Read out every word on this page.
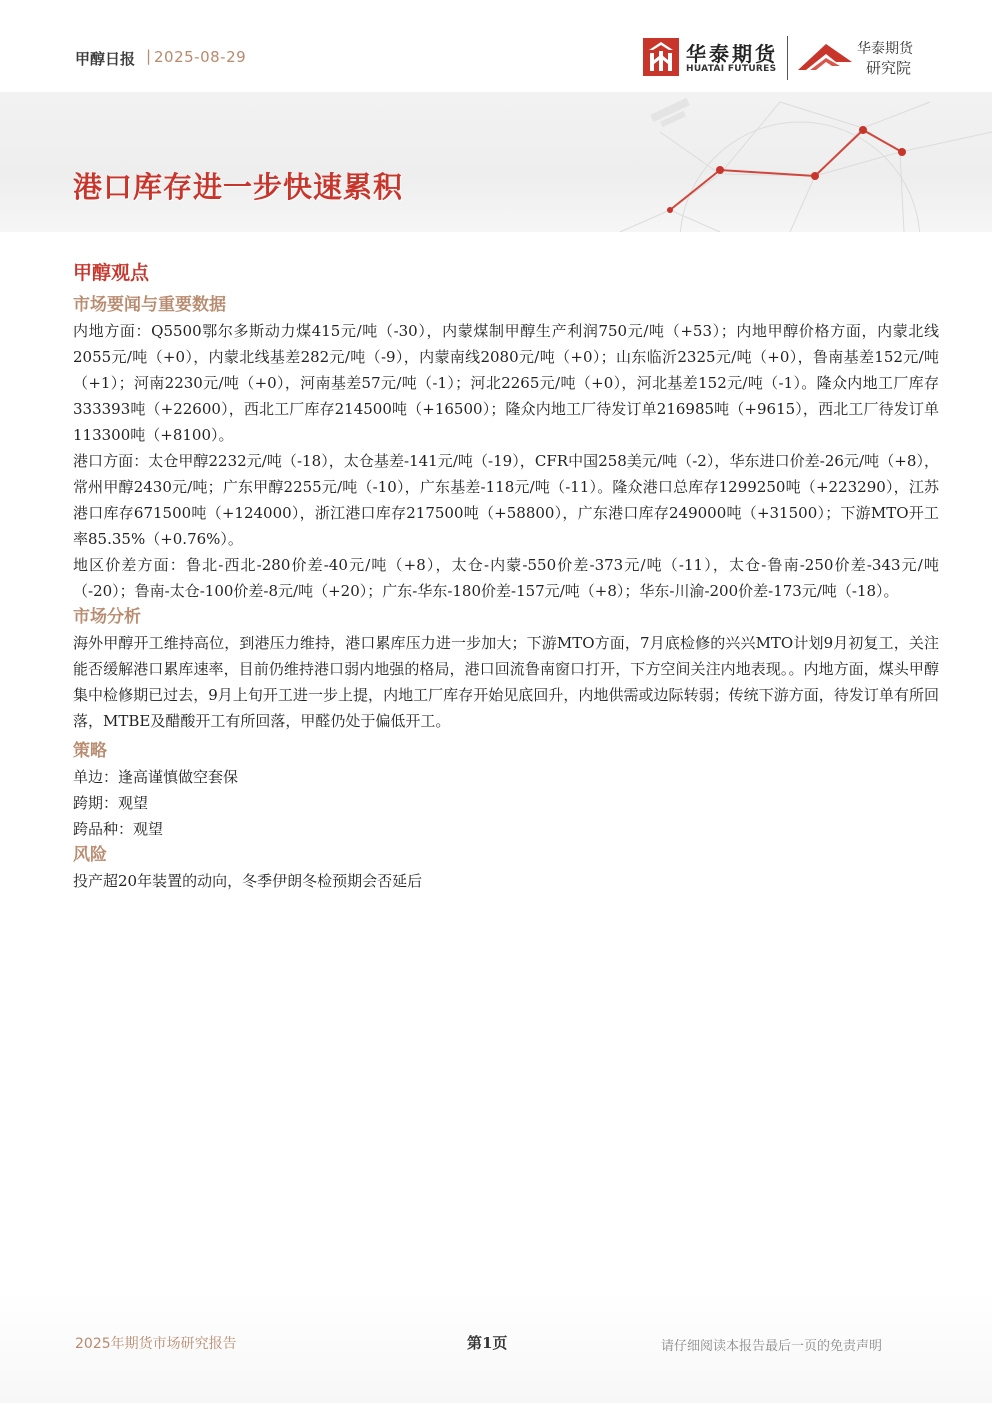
甲醇日报 | 2025-08-29	华泰期货
HUATAI FUTURES
华泰期货
研究院
港口库存进一步快速累积
甲醇观点
市场要闻与重要数据

内地方面：Q5500鄂尔多斯动力煤415元/吨（-30），内蒙煤制甲醇生产利润750元/吨（+53）；内地甲醇价格方面，内蒙北线2055元/吨（+0），内蒙北线基差282元/吨（-9），内蒙南线2080元/吨（+0）；山东临沂2325元/吨（+0），鲁南基差152元/吨（+1）；河南2230元/吨（+0），河南基差57元/吨（-1）；河北2265元/吨（+0），河北基差152元/吨（-1）。隆众内地工厂库存333393吨（+22600），西北工厂库存214500吨（+16500）；隆众内地工厂待发订单216985吨（+9615），西北工厂待发订单113300吨（+8100）。

港口方面：太仓甲醇2232元/吨（-18），太仓基差-141元/吨（-19），CFR中国258美元/吨（-2），华东进口价差-26元/吨（+8），常州甲醇2430元/吨；广东甲醇2255元/吨（-10），广东基差-118元/吨（-11）。隆众港口总库存1299250吨（+223290），江苏港口库存671500吨（+124000），浙江港口库存217500吨（+58800），广东港口库存249000吨（+31500）；下游MTO开工率85.35%（+0.76%）。

地区价差方面：鲁北-西北-280价差-40元/吨（+8），太仓-内蒙-550价差-373元/吨（-11），太仓-鲁南-250价差-343元/吨（-20）；鲁南-太仓-100价差-8元/吨（+20）；广东-华东-180价差-157元/吨（+8）；华东-川渝-200价差-173元/吨（-18）。

市场分析

海外甲醇开工维持高位，到港压力维持，港口累库压力进一步加大；下游MTO方面，7月底检修的兴兴MTO计划9月初复工，关注能否缓解港口累库速率，目前仍维持港口弱内地强的格局，港口回流鲁南窗口打开，下方空间关注内地表现。。内地方面，煤头甲醇集中检修期已过去，9月上旬开工进一步上提，内地工厂库存开始见底回升，内地供需或边际转弱；传统下游方面，待发订单有所回落，MTBE及醋酸开工有所回落，甲醛仍处于偏低开工。

策略

单边：逢高谨慎做空套保

跨期：观望

跨品种：观望

风险

投产超20年装置的动向，冬季伊朗冬检预期会否延后

2025年期货市场研究报告	第1页	请仔细阅读本报告最后一页的免责声明
